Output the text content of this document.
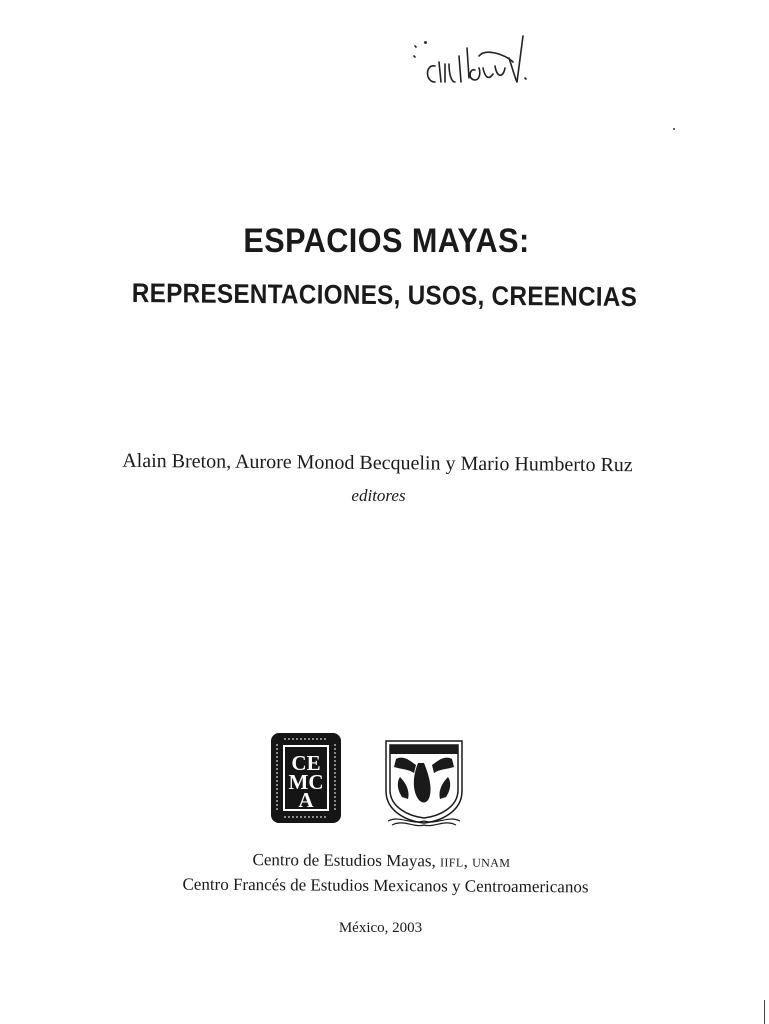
ESPACIOS MAYAS:
REPRESENTACIONES, USOS, CREENCIAS
Alain Breton, Aurore Monod Becquelin y Mario Humberto Ruz
editores
CE
MC
A
Centro de Estudios Mayas, IIFL, UNAM
Centro Francés de Estudios Mexicanos y Centroamericanos
México, 2003
